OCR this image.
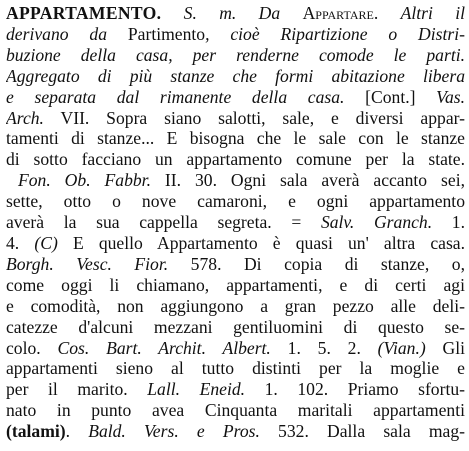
APPARTAMENTO. S. m. Da Appartare. Altri il
derivano da Partimento, cioè Ripartizione o Distri-
buzione della casa, per renderne comode le parti.
Aggregato di più stanze che formi abitazione libera
e separata dal rimanente della casa. [Cont.] Vas.
Arch. VII. Sopra siano salotti, sale, e diversi appar-
tamenti di stanze... E bisogna che le sale con le stanze
di sotto facciano un appartamento comune per la state.
Fon. Ob. Fabbr. II. 30. Ogni sala averà accanto sei,
sette, otto o nove camaroni, e ogni appartamento
averà la sua cappella segreta. = Salv. Granch. 1.
4. (C) E quello Appartamento è quasi un' altra casa.
Borgh. Vesc. Fior. 578. Di copia di stanze, o,
come oggi li chiamano, appartamenti, e di certi agi
e comodità, non aggiungono a gran pezzo alle deli-
catezze d'alcuni mezzani gentiluomini di questo se-
colo. Cos. Bart. Archit. Albert. 1. 5. 2. (Vian.) Gli
appartamenti sieno al tutto distinti per la moglie e
per il marito. Lall. Eneid. 1. 102. Priamo sfortu-
nato in punto avea Cinquanta maritali appartamenti
(talami). Bald. Vers. e Pros. 532. Dalla sala mag-
